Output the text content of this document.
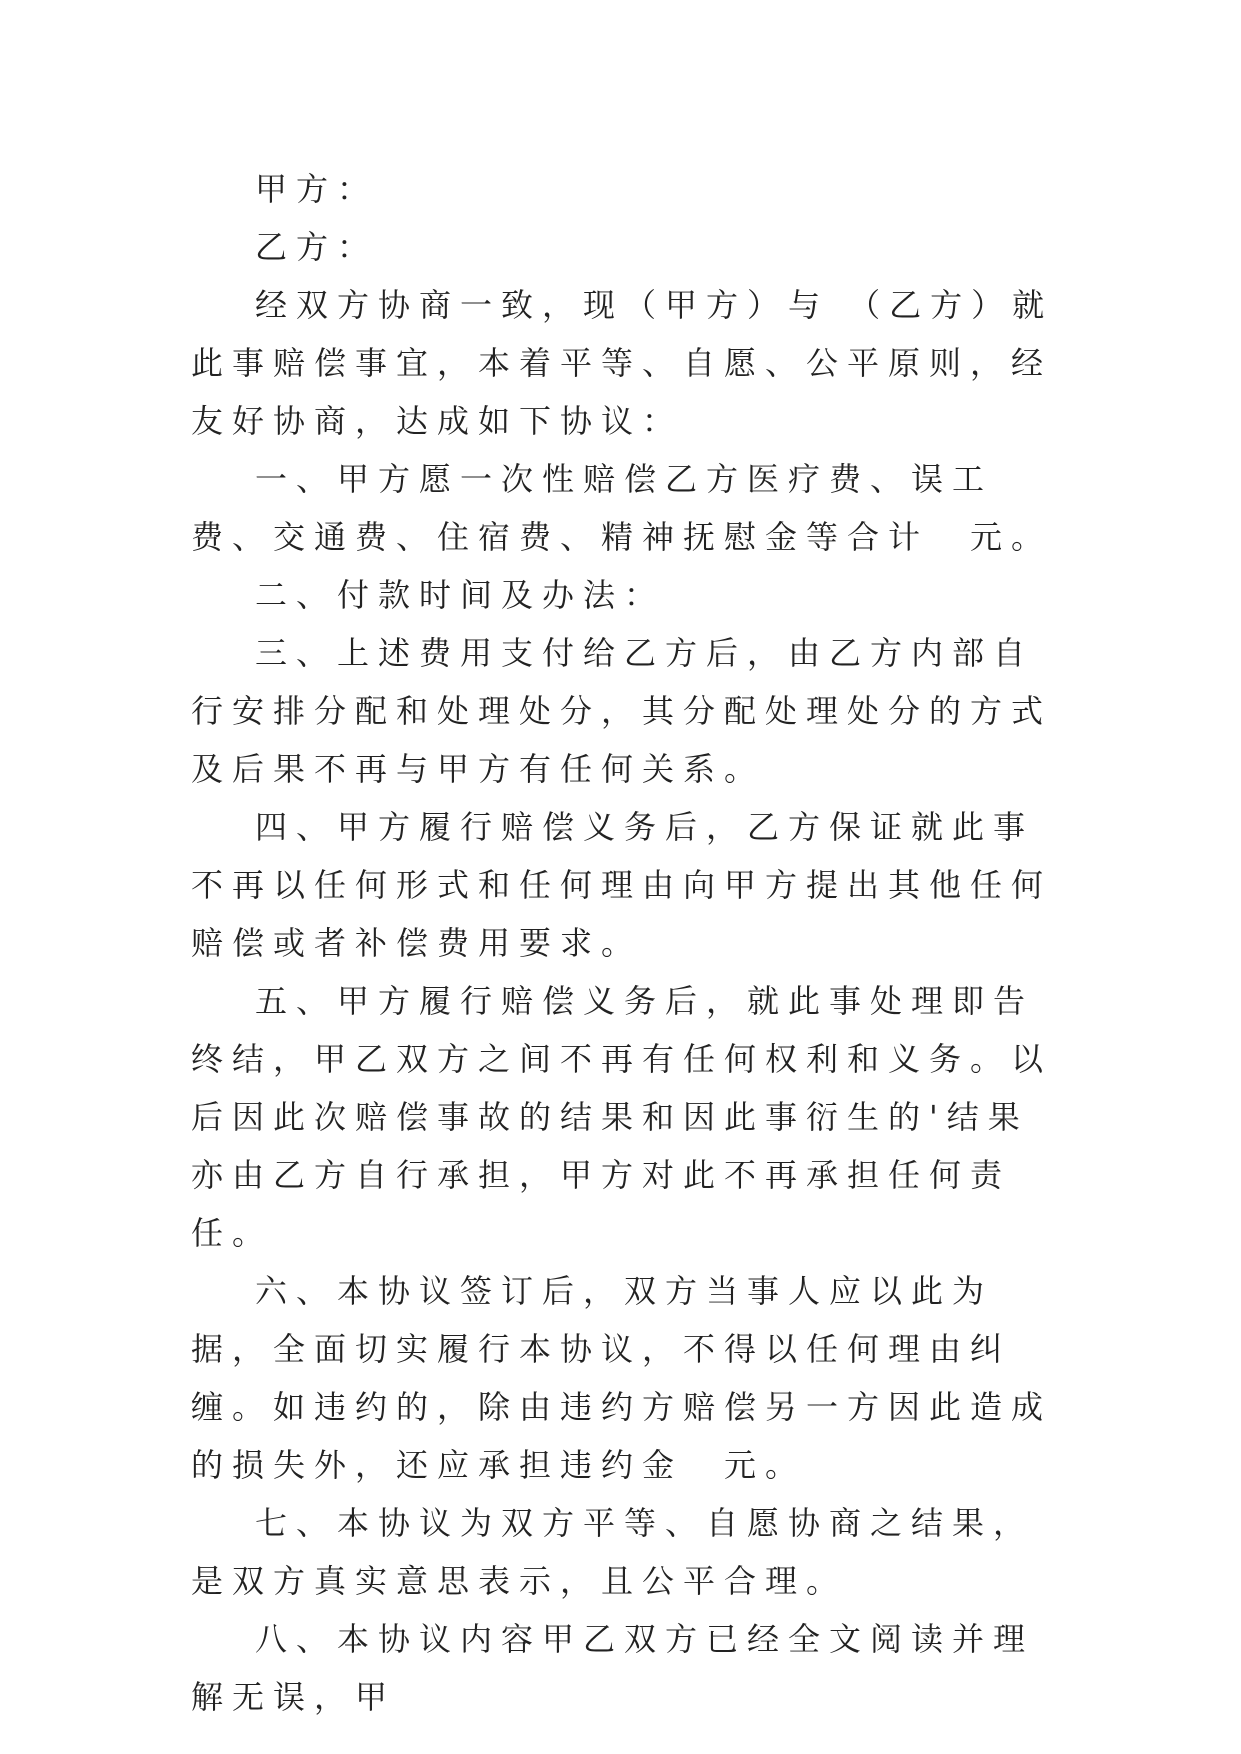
甲方：

乙方：

经双方协商一致，现（甲方）与 （乙方）就此事赔偿事宜，本着平等、自愿、公平原则，经友好协商，达成如下协议：

一、甲方愿一次性赔偿乙方医疗费、误工费、交通费、住宿费、精神抚慰金等合计　元。

二、付款时间及办法：

三、上述费用支付给乙方后，由乙方内部自行安排分配和处理处分，其分配处理处分的方式及后果不再与甲方有任何关系。

四、甲方履行赔偿义务后，乙方保证就此事不再以任何形式和任何理由向甲方提出其他任何赔偿或者补偿费用要求。

五、甲方履行赔偿义务后，就此事处理即告终结，甲乙双方之间不再有任何权利和义务。以后因此次赔偿事故的结果和因此事衍生的'结果亦由乙方自行承担，甲方对此不再承担任何责任。

六、本协议签订后，双方当事人应以此为据，全面切实履行本协议，不得以任何理由纠缠。如违约的，除由违约方赔偿另一方因此造成的损失外，还应承担违约金　元。

七、本协议为双方平等、自愿协商之结果，是双方真实意思表示，且公平合理。

八、本协议内容甲乙双方已经全文阅读并理解无误，甲
